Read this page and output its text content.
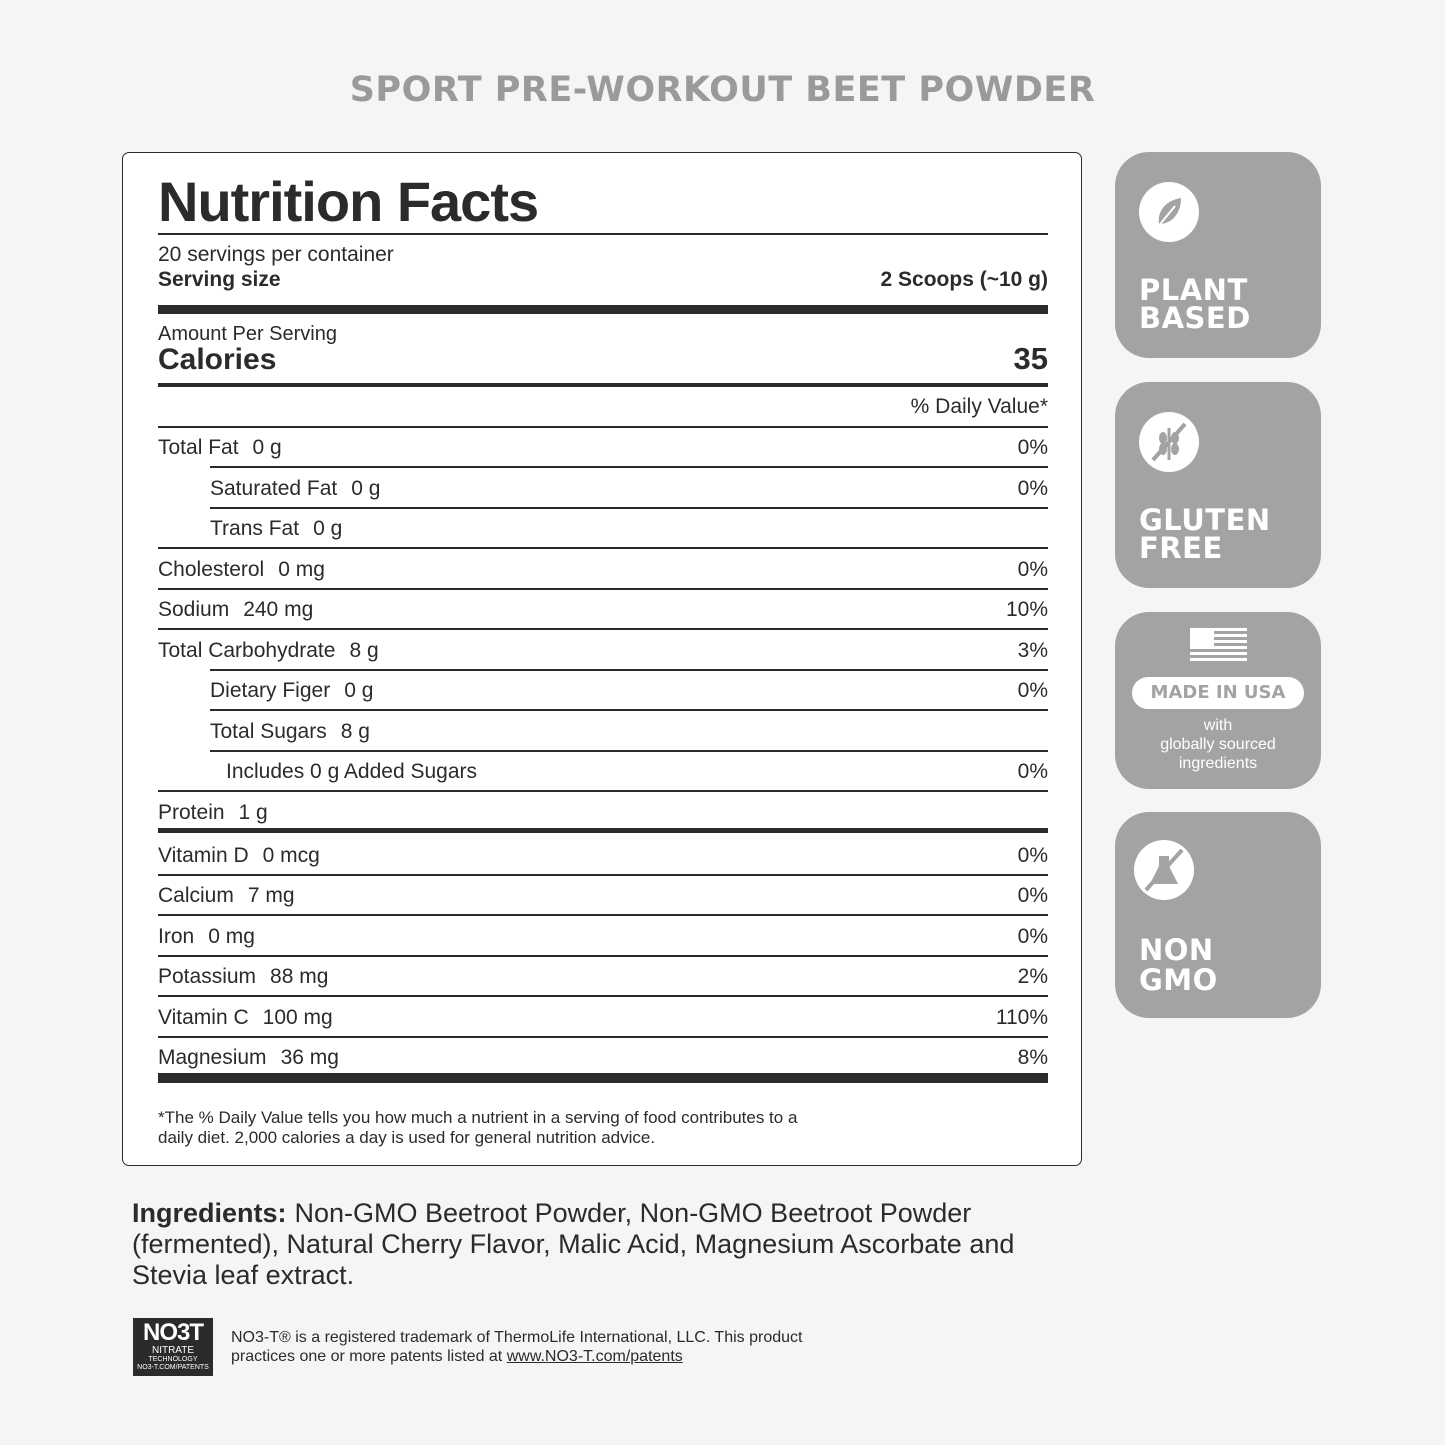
SPORT PRE-WORKOUT BEET POWDER
Nutrition Facts
20 servings per container
Serving size	2 Scoops (~10 g)
Amount Per Serving
Calories	35
% Daily Value*
Total Fat 0 g	0%
Saturated Fat 0 g	0%
Trans Fat 0 g
Cholesterol 0 mg	0%
Sodium 240 mg	10%
Total Carbohydrate 8 g	3%
Dietary Figer 0 g	0%
Total Sugars 8 g
Includes 0 g Added Sugars	0%
Protein 1 g
Vitamin D 0 mcg	0%
Calcium 7 mg	0%
Iron 0 mg	0%
Potassium 88 mg	2%
Vitamin C 100 mg	110%
Magnesium 36 mg	8%
*The % Daily Value tells you how much a nutrient in a serving of food contributes to a
daily diet. 2,000 calories a day is used for general nutrition advice.
PLANT
BASED
GLUTEN
FREE
MADE IN USA
with
globally sourced
ingredients
NON
GMO
Ingredients: Non-GMO Beetroot Powder, Non-GMO Beetroot Powder (fermented), Natural Cherry Flavor, Malic Acid, Magnesium Ascorbate and Stevia leaf extract.
NO3T
NITRATE
TECHNOLOGY
NO3-T.COM/PATENTS
NO3-T® is a registered trademark of ThermoLife International, LLC. This product
practices one or more patents listed at www.NO3-T.com/patents
